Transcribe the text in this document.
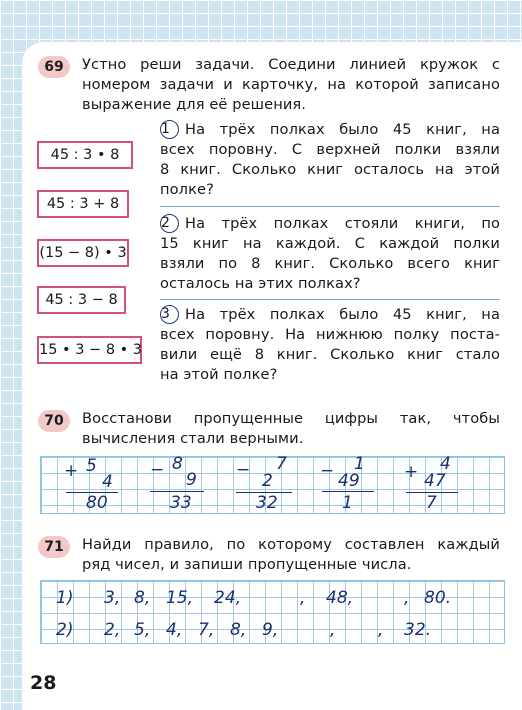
69	Устно реши задачи. Соедини линией кружок с
номером задачи и карточку, на которой записано
выражение для её решения.
45 : 3 • 8
45 : 3 + 8
(15 − 8) • 3
45 : 3 − 8
15 • 3 − 8 • 3
1 На трёх полках было 45 книг, на
всех поровну. С верхней полки взяли
8 книг. Сколько книг осталось на этой
полке?
2 На трёх полках стояли книги, по
15 книг на каждой. С каждой полки
взяли по 8 книг. Сколько всего книг
осталось на этих полках?
3 На трёх полках было 45 книг, на
всех поровну. На нижнюю полку поста-
вили ещё 8 книг. Сколько книг стало
на этой полке?
70	Восстанови пропущенные цифры так, чтобы
вычисления стали верными.
+ 5
4
80
− 8
9
33
− 7
2
32
− 1
49
1
+ 4
47
7
71	Найди правило, по которому составлен каждый
ряд чисел, и запиши пропущенные числа.
1) 3, 8, 15, 24,	, 48,	, 80.
2) 2, 5, 4, 7, 8, 9,	,	, 32.
28
